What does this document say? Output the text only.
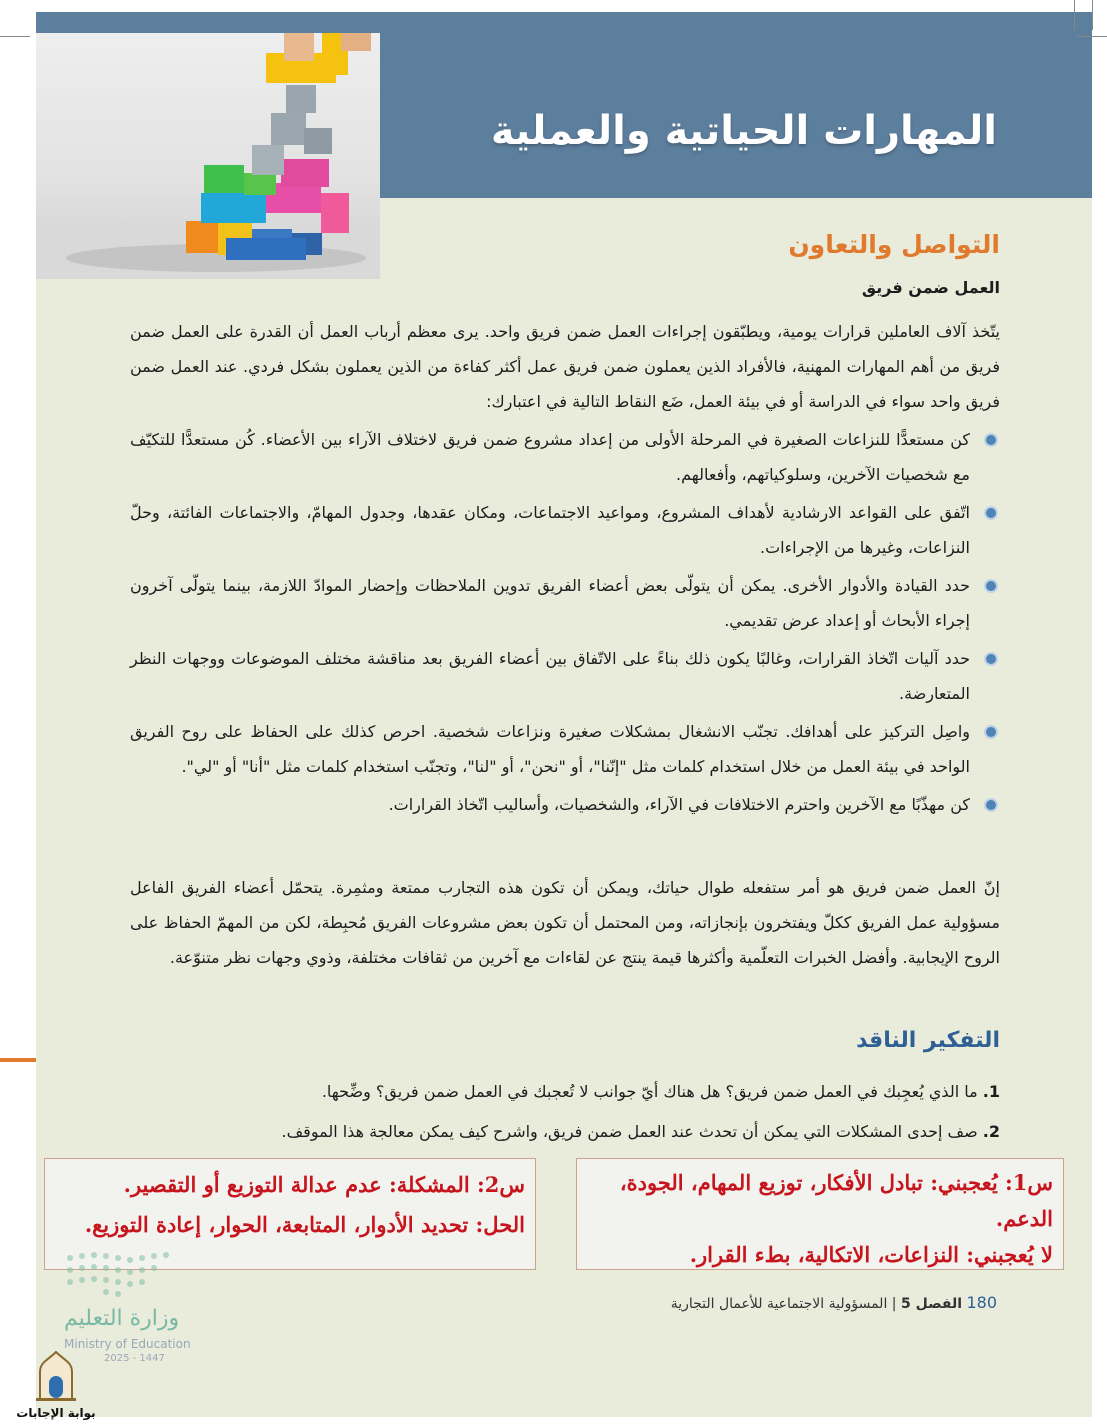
المهارات الحياتية والعملية
التواصل والتعاون
العمل ضمن فريق
يتّخذ آلاف العاملين قرارات يومية، ويطبّقون إجراءات العمل ضمن فريق واحد. يرى معظم أرباب العمل أن القدرة على العمل ضمن فريق من أهم المهارات المهنية، فالأفراد الذين يعملون ضمن فريق عمل أكثر كفاءة من الذين يعملون بشكل فردي. عند العمل ضمن فريق واحد سواء في الدراسة أو في بيئة العمل، ضَع النقاط التالية في اعتبارك:
كن مستعدًّا للنزاعات الصغيرة في المرحلة الأولى من إعداد مشروع ضمن فريق لاختلاف الآراء بين الأعضاء. كُن مستعدًّا للتكيّف مع شخصيات الآخرين، وسلوكياتهم، وأفعالهم.
اتّفق على القواعد الارشادية لأهداف المشروع، ومواعيد الاجتماعات، ومكان عقدها، وجدول المهامّ، والاجتماعات الفائتة، وحلّ النزاعات، وغيرها من الإجراءات.
حدد القيادة والأدوار الأخرى. يمكن أن يتولّى بعض أعضاء الفريق تدوين الملاحظات وإحضار الموادّ اللازمة، بينما يتولّى آخرون إجراء الأبحاث أو إعداد عرض تقديمي.
حدد آليات اتّخاذ القرارات، وغالبًا يكون ذلك بناءً على الاتّفاق بين أعضاء الفريق بعد مناقشة مختلف الموضوعات ووجهات النظر المتعارضة.
واصِل التركيز على أهدافك. تجنّب الانشغال بمشكلات صغيرة ونزاعات شخصية. احرص كذلك على الحفاظ على روح الفريق الواحد في بيئة العمل من خلال استخدام كلمات مثل "إنّنا"، أو "نحن"، أو "لنا"، وتجنّب استخدام كلمات مثل "أنا" أو "لي".
كن مهذّبًا مع الآخرين واحترم الاختلافات في الآراء، والشخصيات، وأساليب اتّخاذ القرارات.
إنّ العمل ضمن فريق هو أمر ستفعله طوال حياتك، ويمكن أن تكون هذه التجارب ممتعة ومثمِرة. يتحمّل أعضاء الفريق الفاعل مسؤولية عمل الفريق ككلّ ويفتخرون بإنجازاته، ومن المحتمل أن تكون بعض مشروعات الفريق مُحبِطة، لكن من المهمّ الحفاظ على الروح الإيجابية. وأفضل الخبرات التعلّمية وأكثرها قيمة ينتج عن لقاءات مع آخرين من ثقافات مختلفة، وذوي وجهات نظر متنوّعة.
التفكير الناقد
1. ما الذي يُعجِبك في العمل ضمن فريق؟ هل هناك أيّ جوانب لا تُعجبك في العمل ضمن فريق؟ وضِّحها.
2. صف إحدى المشكلات التي يمكن أن تحدث عند العمل ضمن فريق، واشرح كيف يمكن معالجة هذا الموقف.
س1: يُعجبني: تبادل الأفكار، توزيع المهام، الجودة، الدعم.
لا يُعجبني: النزاعات، الاتكالية، بطء القرار.
س2: المشكلة: عدم عدالة التوزيع أو التقصير.
الحل: تحديد الأدوار، المتابعة، الحوار، إعادة التوزيع.
180 الفصل 5 | المسؤولية الاجتماعية للأعمال التجارية
وزارة التعليم
Ministry of Education
2025 - 1447
بوابة الإجابات
